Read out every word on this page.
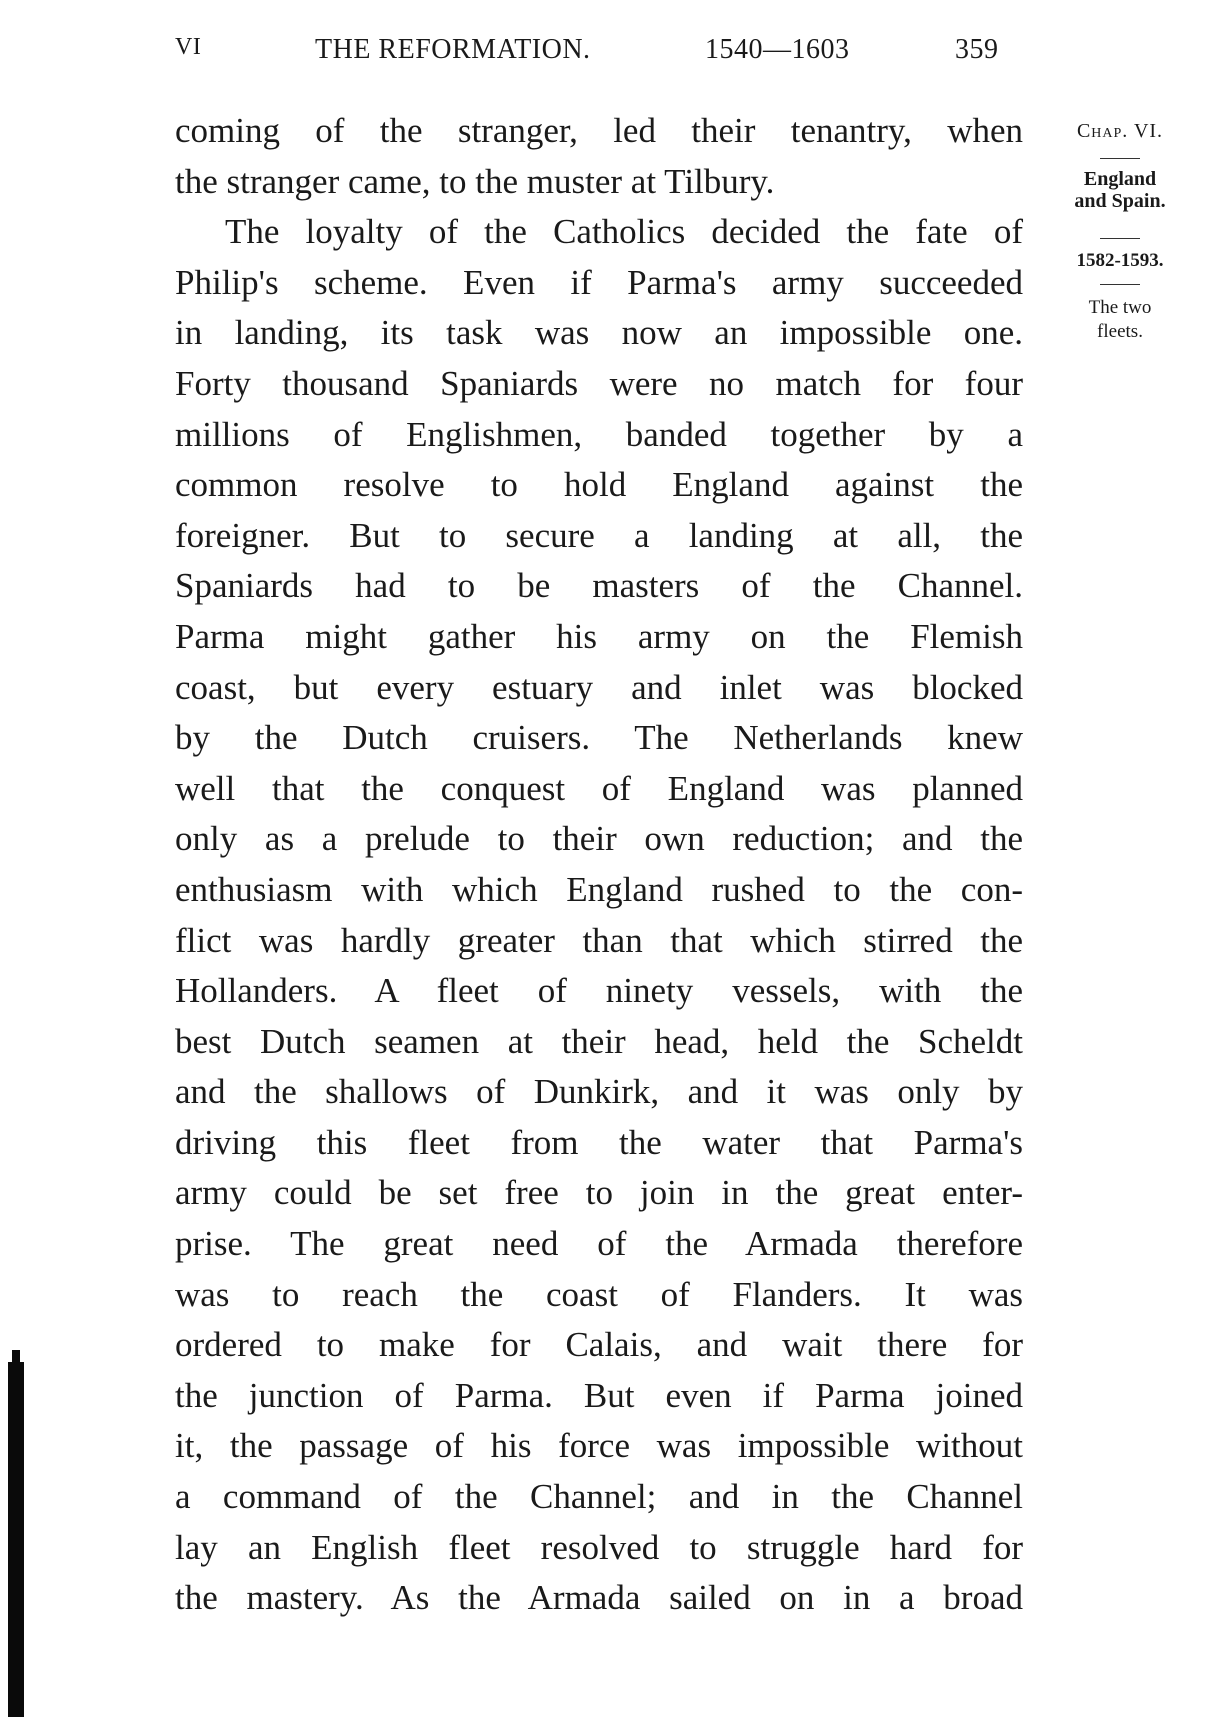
VI	THE REFORMATION.	1540—1603	359
coming of the stranger, led their tenantry, when
the stranger came, to the muster at Tilbury.
The loyalty of the Catholics decided the fate of
Philip's scheme. Even if Parma's army succeeded
in landing, its task was now an impossible one.
Forty thousand Spaniards were no match for four
millions of Englishmen, banded together by a
common resolve to hold England against the
foreigner. But to secure a landing at all, the
Spaniards had to be masters of the Channel.
Parma might gather his army on the Flemish
coast, but every estuary and inlet was blocked
by the Dutch cruisers. The Netherlands knew
well that the conquest of England was planned
only as a prelude to their own reduction; and the
enthusiasm with which England rushed to the con-
flict was hardly greater than that which stirred the
Hollanders. A fleet of ninety vessels, with the
best Dutch seamen at their head, held the Scheldt
and the shallows of Dunkirk, and it was only by
driving this fleet from the water that Parma's
army could be set free to join in the great enter-
prise. The great need of the Armada therefore
was to reach the coast of Flanders. It was
ordered to make for Calais, and wait there for
the junction of Parma. But even if Parma joined
it, the passage of his force was impossible without
a command of the Channel; and in the Channel
lay an English fleet resolved to struggle hard for
the mastery. As the Armada sailed on in a broad
Chap. VI.
England
and Spain.
1582-1593.
The two
fleets.
